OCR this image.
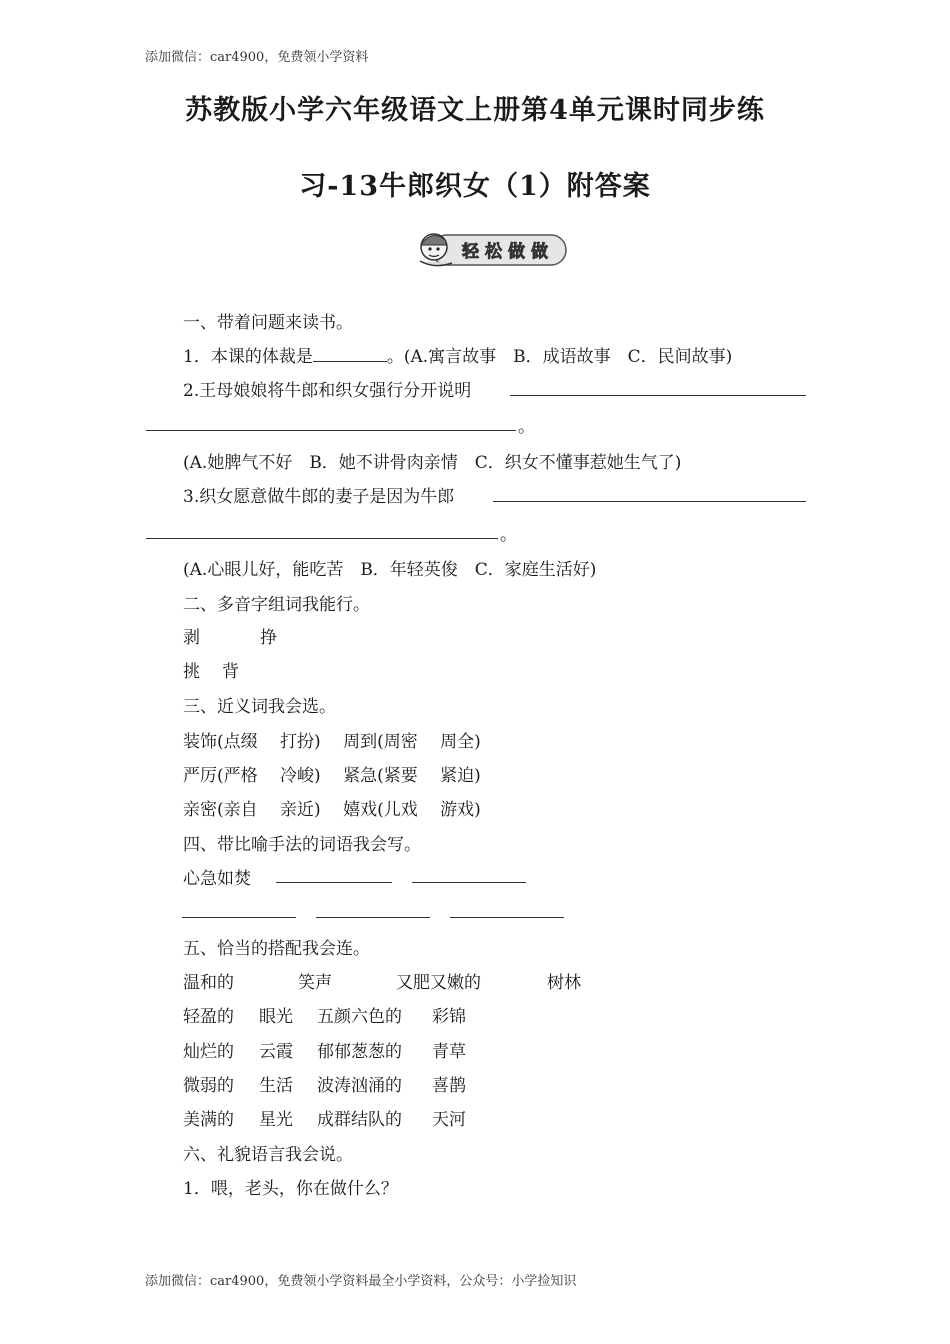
添加微信：car4900，免费领小学资料
苏教版小学六年级语文上册第4单元课时同步练
习-13牛郎织女（1）附答案
轻松做做
一、带着问题来读书。
1．本课的体裁是	。(A.寓言故事　B．成语故事　C．民间故事)
2.王母娘娘将牛郎和织女强行分开说明
。
(A.她脾气不好　B．她不讲骨肉亲情　C．织女不懂事惹她生气了)
3.织女愿意做牛郎的妻子是因为牛郎
。
(A.心眼儿好，能吃苦　B．年轻英俊　C．家庭生活好)
二、多音字组词我能行。
剥	挣
挑 背
三、近义词我会选。
装饰(点缀　 打扮)　 周到(周密　 周全)
严厉(严格　 冷峻)　 紧急(紧要　 紧迫)
亲密(亲自　 亲近)　 嬉戏(儿戏　 游戏)
四、带比喻手法的词语我会写。
心急如焚
五、恰当的搭配我会连。
温和的	笑声	又肥又嫩的	树林
轻盈的 眼光 五颜六色的 彩锦
灿烂的 云霞 郁郁葱葱的 青草
微弱的 生活 波涛汹涌的 喜鹊
美满的 星光 成群结队的 天河
六、礼貌语言我会说。
1．喂，老头，你在做什么？
添加微信：car4900，免费领小学资料最全小学资料，公众号：小学捡知识
